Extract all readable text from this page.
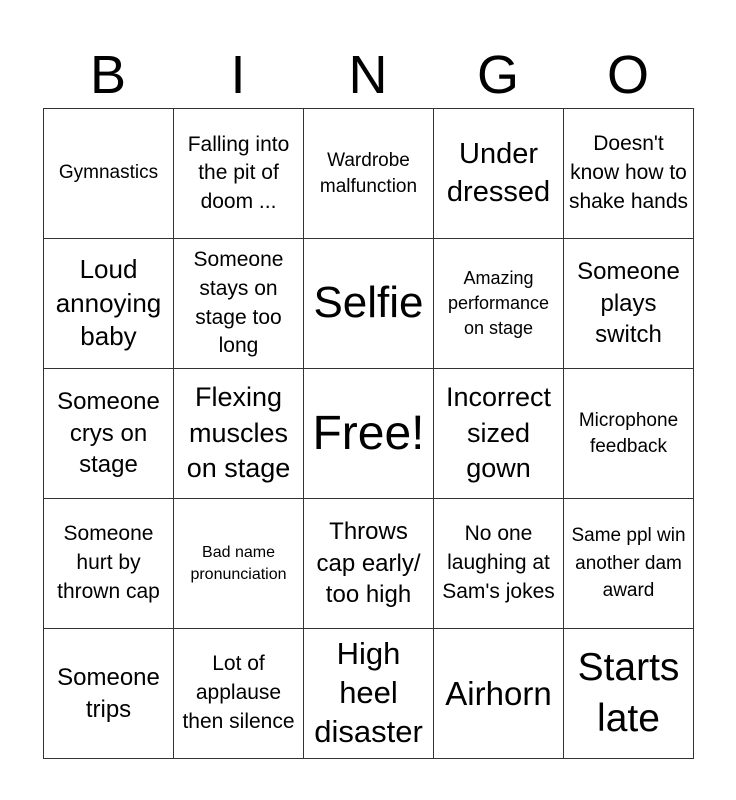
B	I	N	G	O
Gymnastics	Falling into the pit of doom ...	Wardrobe malfunction	Under dressed	Doesn't know how to shake hands

Loud annoying baby	Someone stays on stage too long	Selfie	Amazing performance on stage	Someone plays switch

Someone crys on stage	Flexing muscles on stage	Free!	Incorrect sized gown	Microphone feedback

Someone hurt by thrown cap	Bad name pronunciation	Throws cap early/ too high	No one laughing at Sam's jokes	Same ppl win another dam award

Someone trips	Lot of applause then silence	High heel disaster	Airhorn	Starts late
